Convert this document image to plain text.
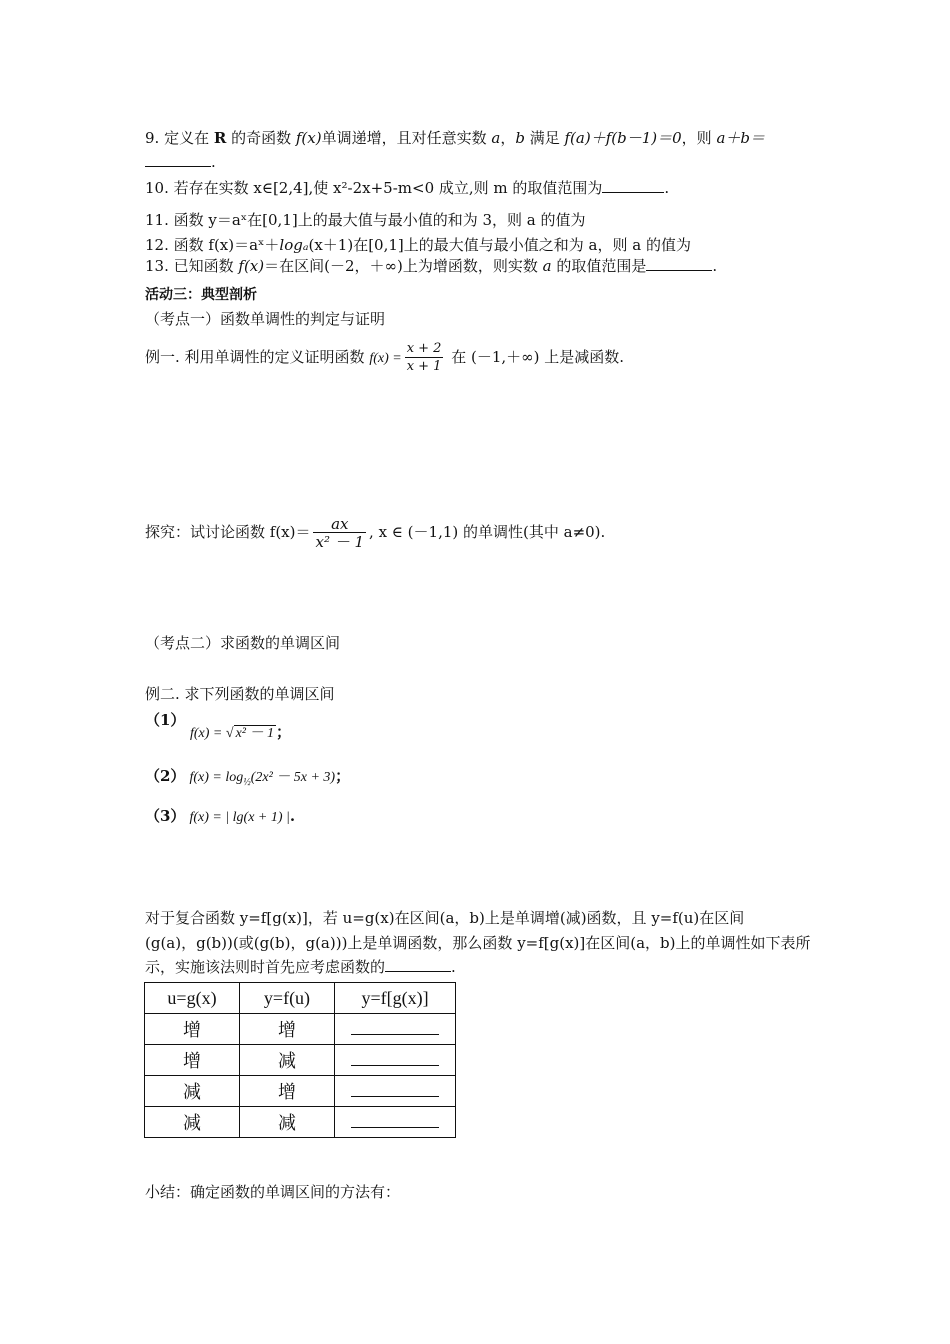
9. 定义在 R 的奇函数 f(x)单调递增，且对任意实数 a，b 满足 f(a)＋f(b－1)＝0，则 a＋b＝
.
10. 若存在实数 x∈[2,4],使 x²-2x+5-m<0 成立,则 m 的取值范围为	.
11. 函数 y＝aˣ在[0,1]上的最大值与最小值的和为 3，则 a 的值为
12. 函数 f(x)＝aˣ＋logₐ(x＋1)在[0,1]上的最大值与最小值之和为 a，则 a 的值为
13. 已知函数 f(x)＝在区间(－2，＋∞)上为增函数，则实数 a 的取值范围是	.
活动三：典型剖析
（考点一）函数单调性的判定与证明
例一. 利用单调性的定义证明函数 $f(x) = \frac{x + 2}{x + 1}$ 在 (－1,＋∞) 上是减函数.
探究：试讨论函数 $f(x)= \frac{ax}{\text{x² － 1}}$ , x ∈ (－1,1) 的单调性(其中 a≠0).
（考点二）求函数的单调区间
例二. 求下列函数的单调区间
（1）
f(x) = √ x² － 1 ；
（2） $f(x) = \log_{\frac{1}{2}}(2x^2 - 5x + 3)$；
（3） f(x) = | lg(x + 1) |.
对于复合函数 y=f[g(x)]，若 u=g(x)在区间(a，b)上是单调增(减)函数，且 y=f(u)在区间
(g(a)，g(b))(或(g(b)，g(a)))上是单调函数，那么函数 y=f[g(x)]在区间(a，b)上的单调性如下表所
示，实施该法则时首先应考虑函数的	.
u=g(x)	y=f(u)	y=f[g(x)]
增	增	
增	减	
减	增	
减	减	
小结：确定函数的单调区间的方法有：
